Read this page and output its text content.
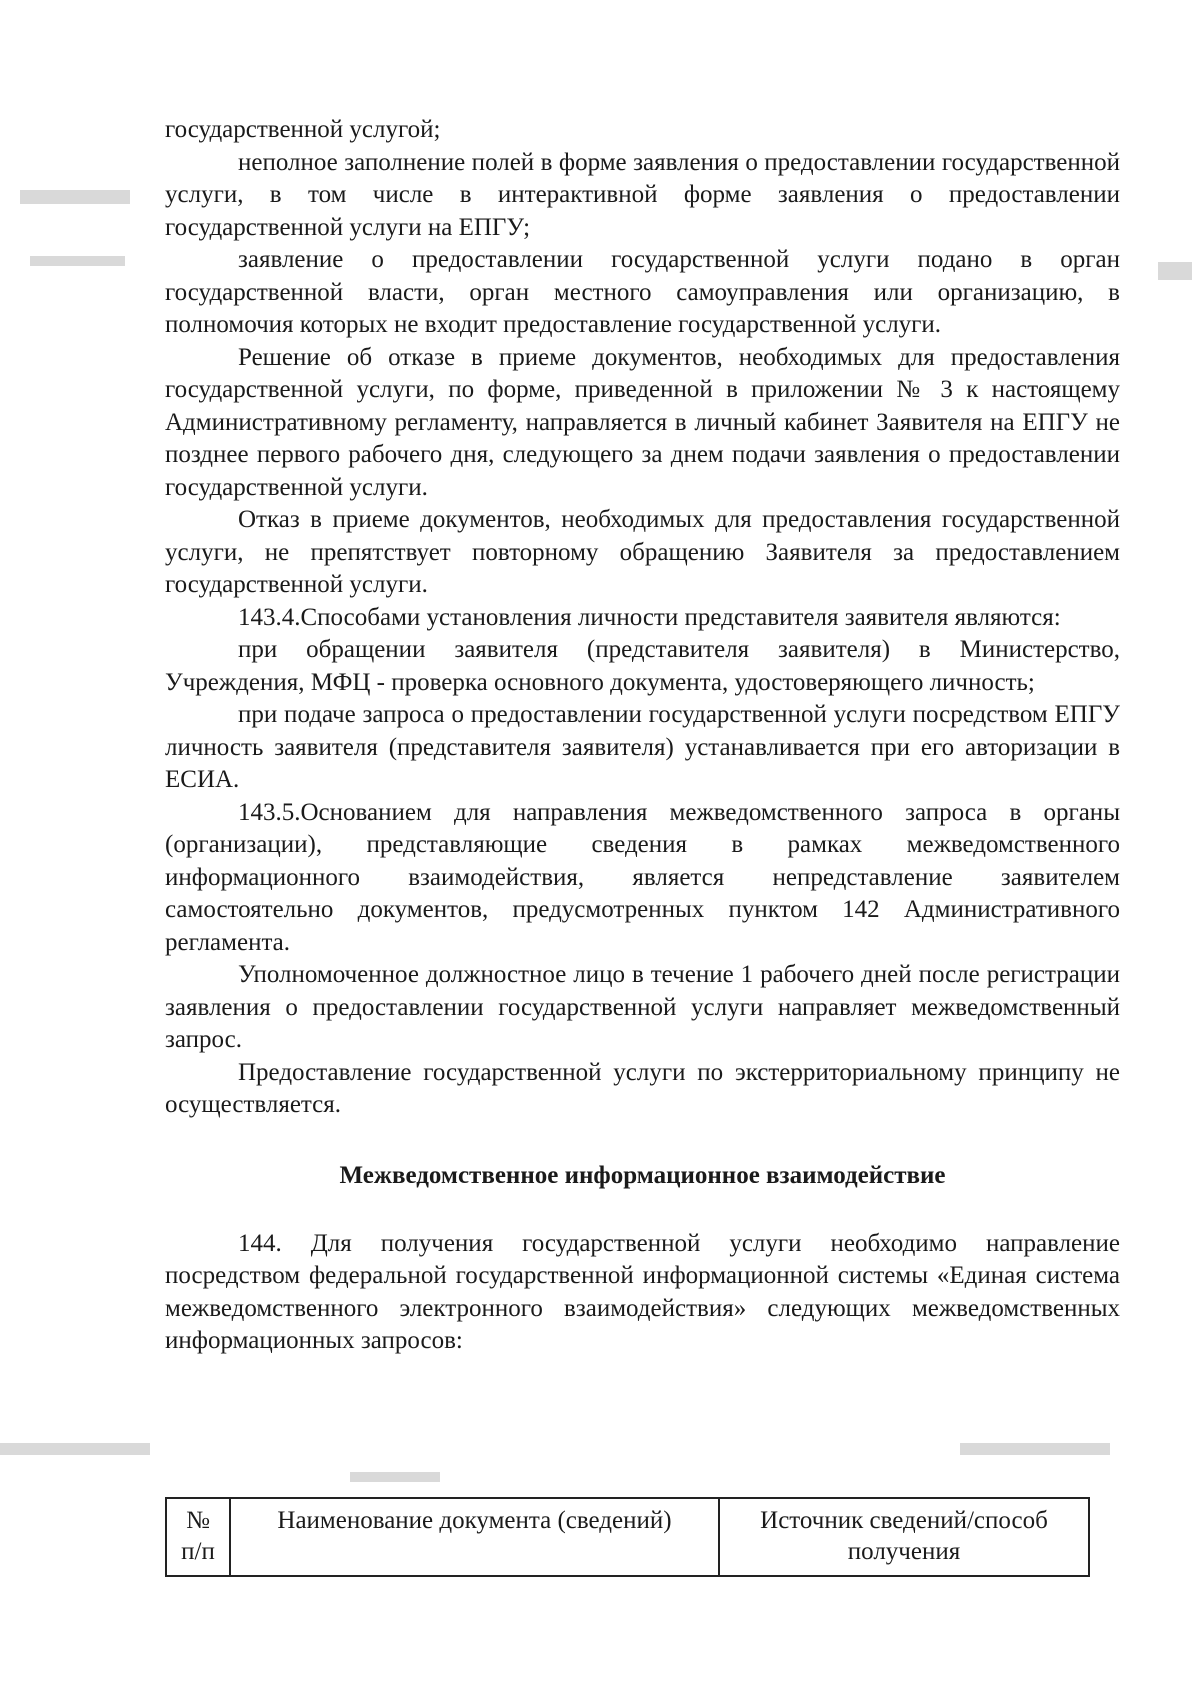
государственной услугой;

неполное заполнение полей в форме заявления о предоставлении государственной услуги, в том числе в интерактивной форме заявления о предоставлении государственной услуги на ЕПГУ;

заявление о предоставлении государственной услуги подано в орган государственной власти, орган местного самоуправления или организацию, в полномочия которых не входит предоставление государственной услуги.

Решение об отказе в приеме документов, необходимых для предоставления государственной услуги, по форме, приведенной в приложении № 3 к настоящему Административному регламенту, направляется в личный кабинет Заявителя на ЕПГУ не позднее первого рабочего дня, следующего за днем подачи заявления о предоставлении государственной услуги.

Отказ в приеме документов, необходимых для предоставления государственной услуги, не препятствует повторному обращению Заявителя за предоставлением государственной услуги.

143.4.Способами установления личности представителя заявителя являются:

при обращении заявителя (представителя заявителя) в Министерство, Учреждения, МФЦ - проверка основного документа, удостоверяющего личность;

при подаче запроса о предоставлении государственной услуги посредством ЕПГУ личность заявителя (представителя заявителя) устанавливается при его авторизации в ЕСИА.

143.5.Основанием для направления межведомственного запроса в органы (организации), представляющие сведения в рамках межведомственного информационного взаимодействия, является непредставление заявителем самостоятельно документов, предусмотренных пунктом 142 Административного регламента.

Уполномоченное должностное лицо в течение 1 рабочего дней после регистрации заявления о предоставлении государственной услуги направляет межведомственный запрос.

Предоставление государственной услуги по экстерриториальному принципу не осуществляется.

Межведомственное информационное взаимодействие

144. Для получения государственной услуги необходимо направление посредством федеральной государственной информационной системы «Единая система межведомственного электронного взаимодействия» следующих межведомственных информационных запросов:

№ п/п	Наименование документа (сведений)	Источник сведений/способ получения
